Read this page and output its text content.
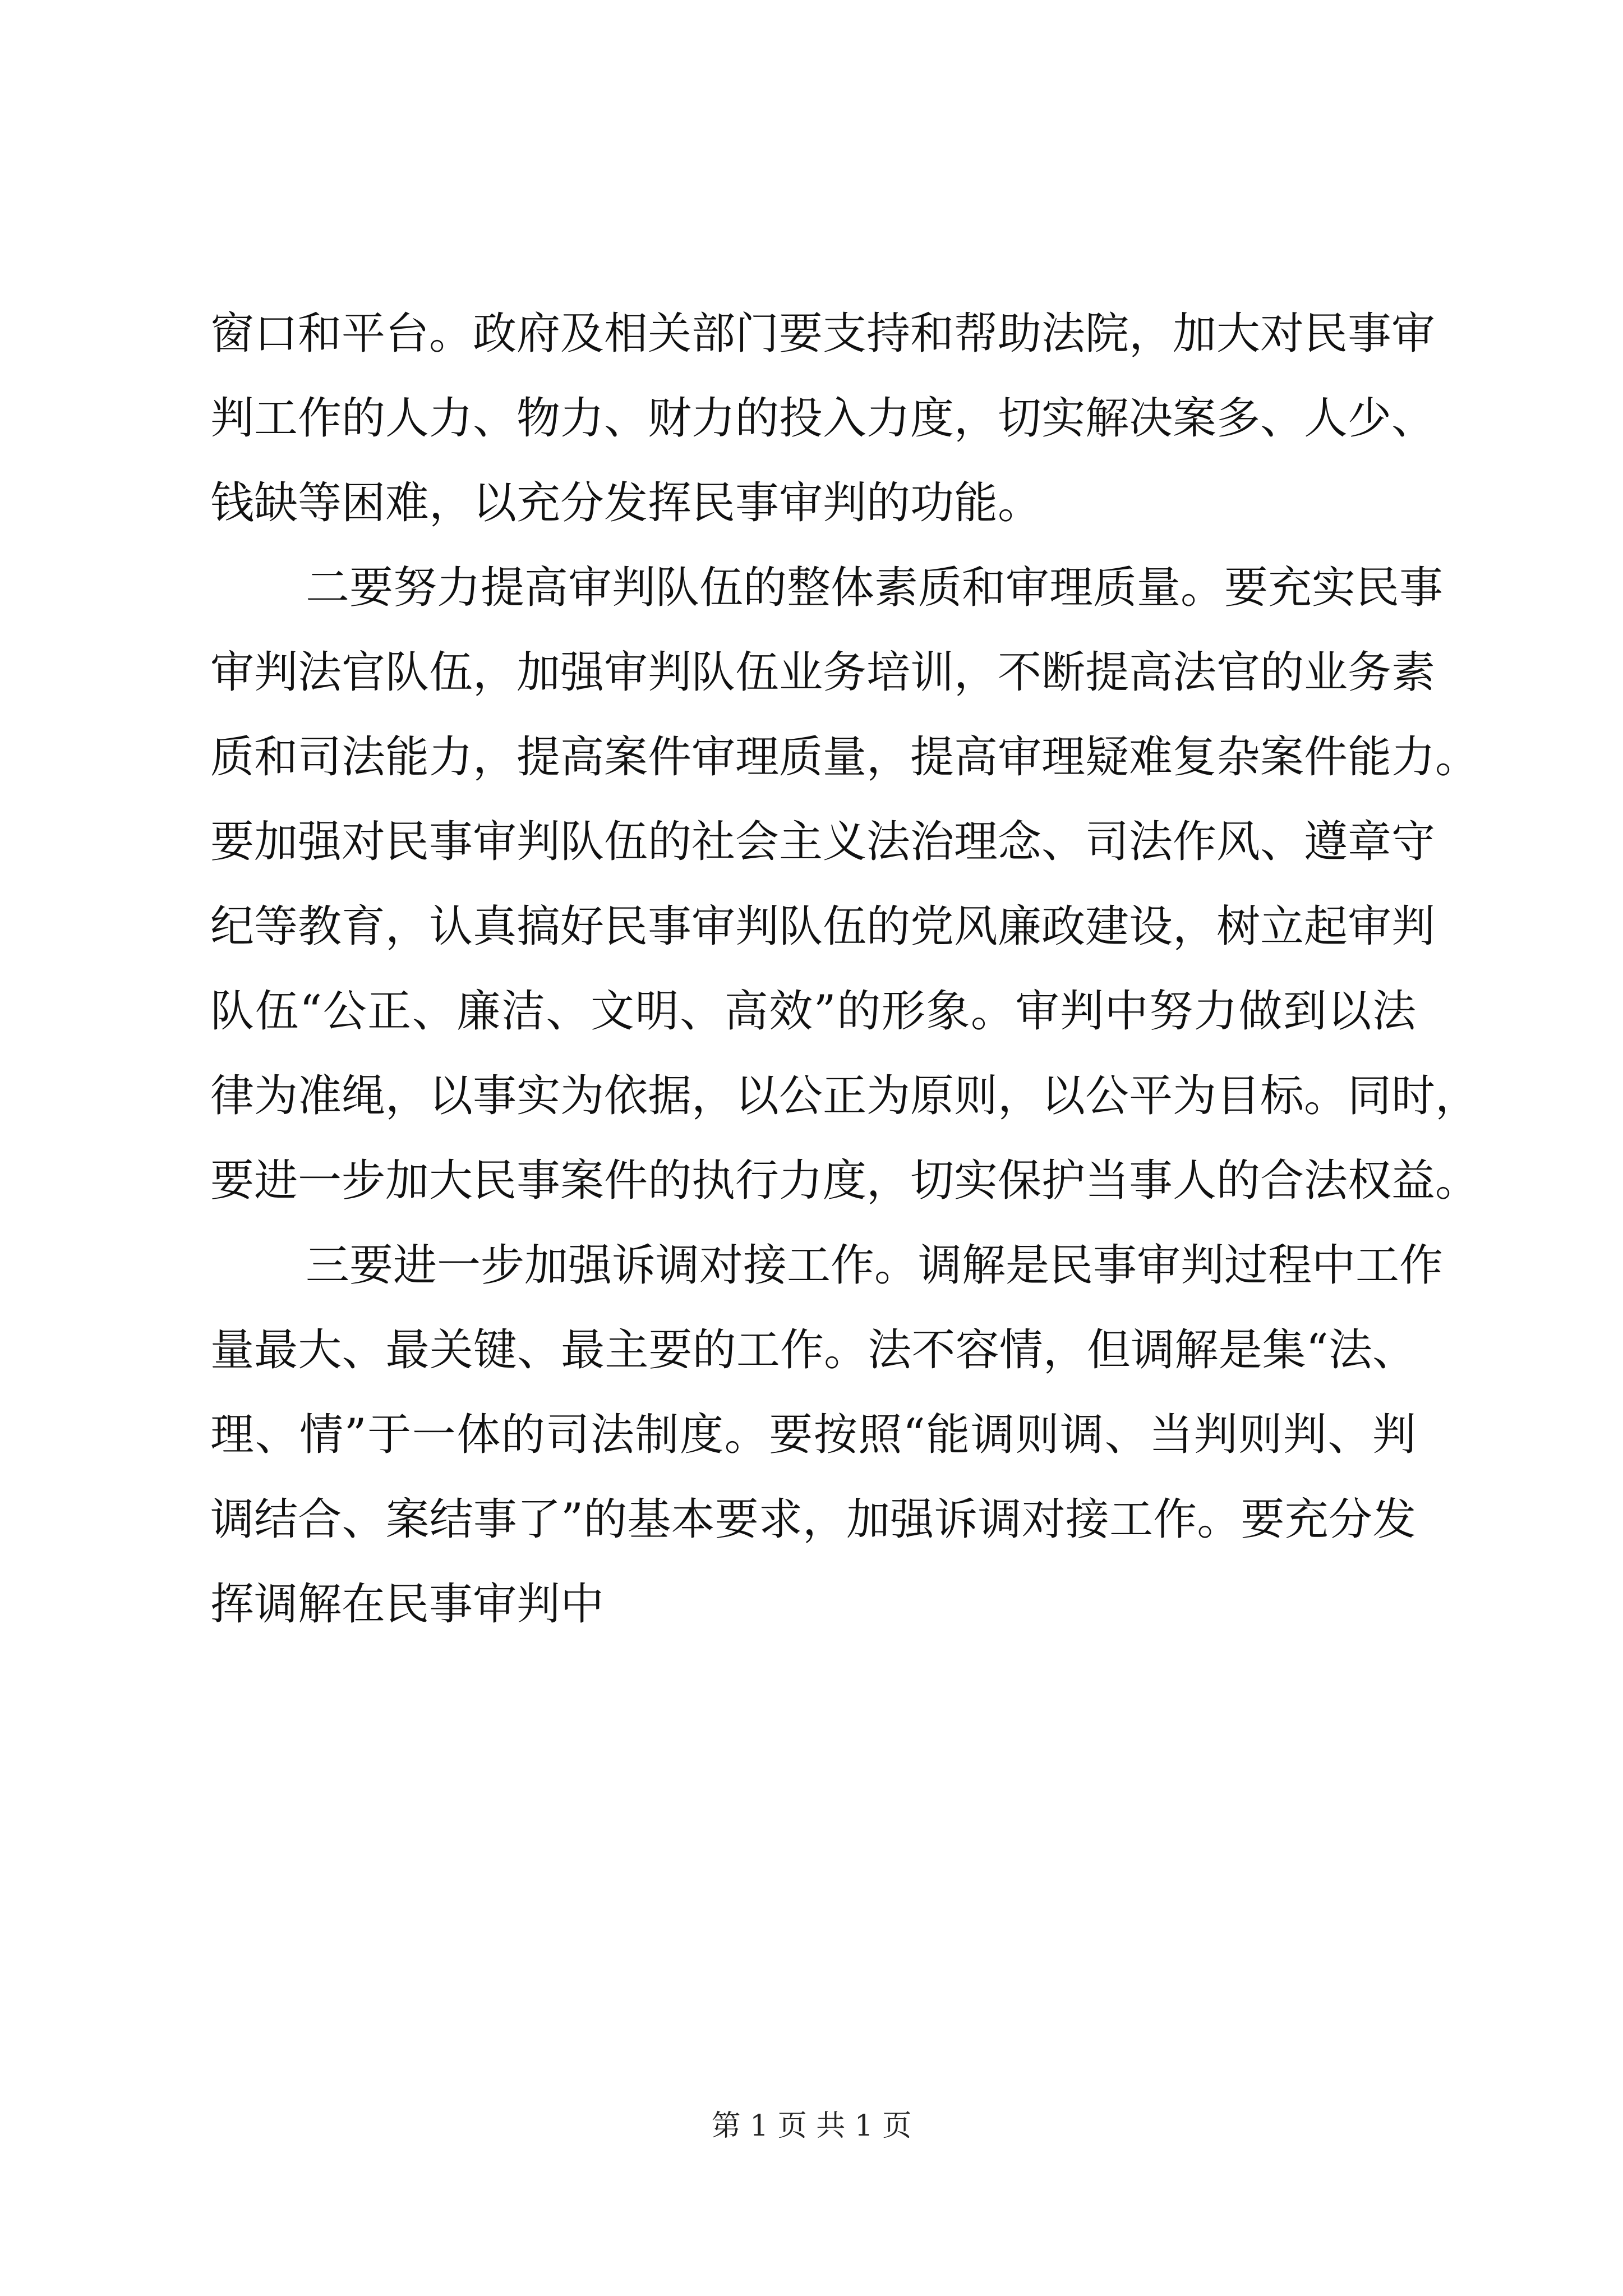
窗口和平台。政府及相关部门要支持和帮助法院，加大对民事审
判工作的人力、物力、财力的投入力度，切实解决案多、人少、
钱缺等困难，以充分发挥民事审判的功能。
二要努力提高审判队伍的整体素质和审理质量。要充实民事
审判法官队伍，加强审判队伍业务培训，不断提高法官的业务素
质和司法能力，提高案件审理质量，提高审理疑难复杂案件能力。
要加强对民事审判队伍的社会主义法治理念、司法作风、遵章守
纪等教育，认真搞好民事审判队伍的党风廉政建设，树立起审判
队伍“公正、廉洁、文明、高效”的形象。审判中努力做到以法
律为准绳，以事实为依据，以公正为原则，以公平为目标。同时，
要进一步加大民事案件的执行力度，切实保护当事人的合法权益。
三要进一步加强诉调对接工作。调解是民事审判过程中工作
量最大、最关键、最主要的工作。法不容情，但调解是集“法、
理、情”于一体的司法制度。要按照“能调则调、当判则判、判
调结合、案结事了”的基本要求，加强诉调对接工作。要充分发
挥调解在民事审判中
第 1 页 共 1 页
